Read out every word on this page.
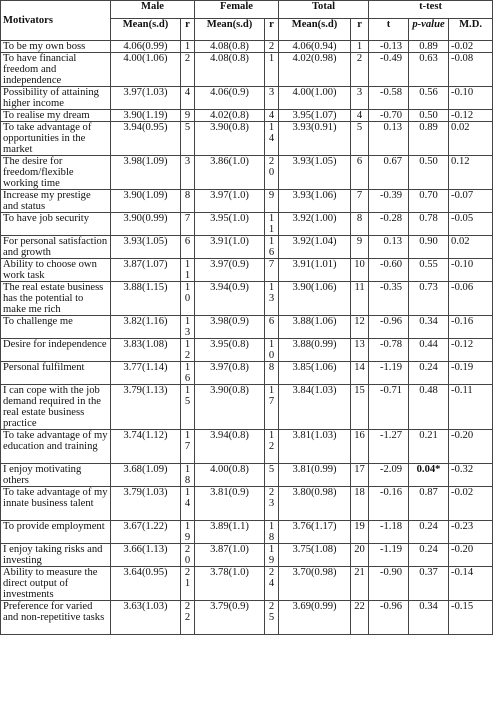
Motivators	Male		Female		Total		t-test		
	Mean(s.d)	r	Mean(s.d)	r	Mean(s.d)	r	t	p-value	M.D.
To be my own boss	4.06(0.99)	1	4.08(0.8)	2	4.06(0.94)	1	-0.13	0.89	-0.02
To have financial freedom and independence	4.00(1.06)	2	4.08(0.8)	1	4.02(0.98)	2	-0.49	0.63	-0.08
Possibility of attaining higher income	3.97(1.03)	4	4.06(0.9)	3	4.00(1.00)	3	-0.58	0.56	-0.10
To realise my dream	3.90(1.19)	9	4.02(0.8)	4	3.95(1.07)	4	-0.70	0.50	-0.12
To take advantage of opportunities in the market	3.94(0.95)	5	3.90(0.8)	14	3.93(0.91)	5	0.13	0.89	0.02
The desire for freedom/flexible working time	3.98(1.09)	3	3.86(1.0)	20	3.93(1.05)	6	0.67	0.50	0.12
Increase my prestige and status	3.90(1.09)	8	3.97(1.0)	9	3.93(1.06)	7	-0.39	0.70	-0.07
To have job security	3.90(0.99)	7	3.95(1.0)	11	3.92(1.00)	8	-0.28	0.78	-0.05
For personal satisfaction and growth	3.93(1.05)	6	3.91(1.0)	16	3.92(1.04)	9	0.13	0.90	0.02
Ability to choose own work task	3.87(1.07)	11	3.97(0.9)	7	3.91(1.01)	10	-0.60	0.55	-0.10
The real estate business has the potential to make me rich	3.88(1.15)	10	3.94(0.9)	13	3.90(1.06)	11	-0.35	0.73	-0.06
To challenge me	3.82(1.16)	13	3.98(0.9)	6	3.88(1.06)	12	-0.96	0.34	-0.16
Desire for independence	3.83(1.08)	12	3.95(0.8)	10	3.88(0.99)	13	-0.78	0.44	-0.12
Personal fulfilment	3.77(1.14)	16	3.97(0.8)	8	3.85(1.06)	14	-1.19	0.24	-0.19
I can cope with the job demand required in the real estate business practice	3.79(1.13)	15	3.90(0.8)	17	3.84(1.03)	15	-0.71	0.48	-0.11
To take advantage of my education and training	3.74(1.12)	17	3.94(0.8)	12	3.81(1.03)	16	-1.27	0.21	-0.20
I enjoy motivating others	3.68(1.09)	18	4.00(0.8)	5	3.81(0.99)	17	-2.09	0.04*	-0.32
To take advantage of my innate business talent	3.79(1.03)	14	3.81(0.9)	23	3.80(0.98)	18	-0.16	0.87	-0.02
To provide employment	3.67(1.22)	19	3.89(1.1)	18	3.76(1.17)	19	-1.18	0.24	-0.23
I enjoy taking risks and investing	3.66(1.13)	20	3.87(1.0)	19	3.75(1.08)	20	-1.19	0.24	-0.20
Ability to measure the direct output of investments	3.64(0.95)	21	3.78(1.0)	24	3.70(0.98)	21	-0.90	0.37	-0.14
Preference for varied and non-repetitive tasks	3.63(1.03)	22	3.79(0.9)	25	3.69(0.99)	22	-0.96	0.34	-0.15
